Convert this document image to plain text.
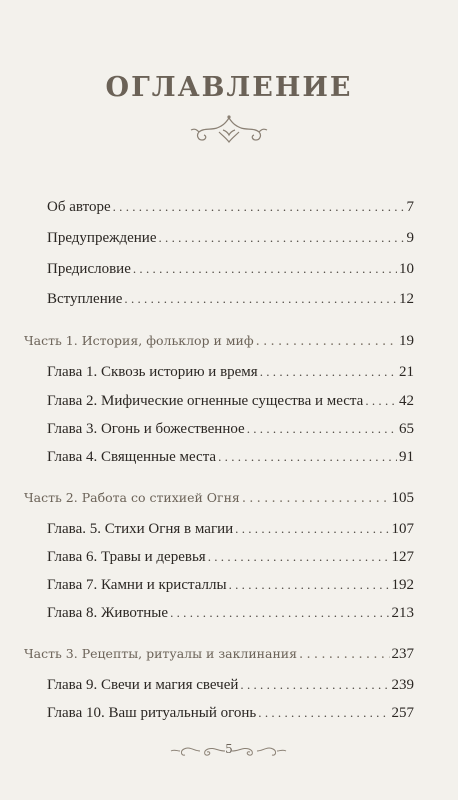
ОГЛАВЛЕНИЕ
Об авторе .....	7
Предупреждение .....	9
Предисловие .....	10
Вступление .....	12
Часть 1. История, фольклор и миф .....	19
Глава 1. Сквозь историю и время .....	21
Глава 2. Мифические огненные существа и места ..... 42
Глава 3. Огонь и божественное .....	65
Глава 4. Священные места .....	91
Часть 2. Работа со стихией Огня .....	105
Глава. 5. Стихи Огня в магии .....	107
Глава 6. Травы и деревья .....	127
Глава 7. Камни и кристаллы .....	192
Глава 8. Животные .....	213
Часть 3. Рецепты, ритуалы и заклинания .....	237
Глава 9. Свечи и магия свечей .....	239
Глава 10. Ваш ритуальный огонь .....	257
5
